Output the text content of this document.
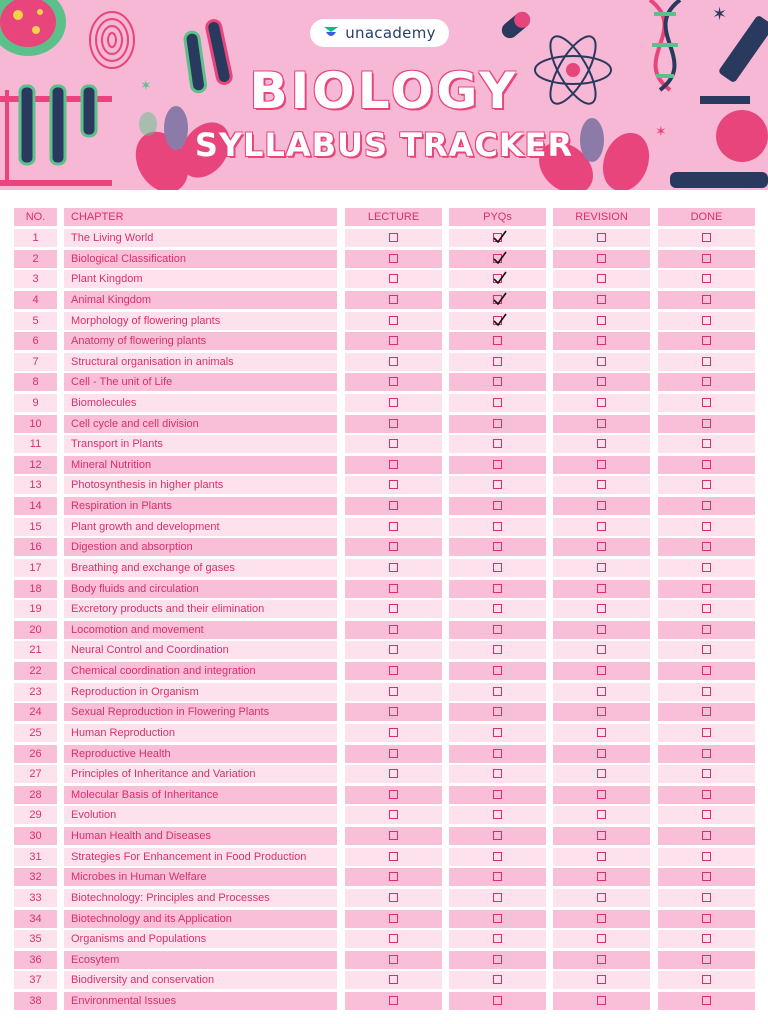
✶
✶
✶
unacademy
BIOLOGY
SYLLABUS TRACKER
NO.	CHAPTER	LECTURE	PYQs	REVISION	DONE
1	The Living World
2	Biological Classification
3	Plant Kingdom
4	Animal Kingdom
5	Morphology of flowering plants
6	Anatomy of flowering plants
7	Structural organisation in animals
8	Cell - The unit of Life
9	Biomolecules
10	Cell cycle and cell division
11	Transport in Plants
12	Mineral Nutrition
13	Photosynthesis in higher plants
14	Respiration in Plants
15	Plant growth and development
16	Digestion and absorption
17	Breathing and exchange of gases
18	Body fluids and circulation
19	Excretory products and their elimination
20	Locomotion and movement
21	Neural Control and Coordination
22	Chemical coordination and integration
23	Reproduction in Organism
24	Sexual Reproduction in Flowering Plants
25	Human Reproduction
26	Reproductive Health
27	Principles of Inheritance and Variation
28	Molecular Basis of Inheritance
29	Evolution
30	Human Health and Diseases
31	Strategies For Enhancement in Food Production
32	Microbes in Human Welfare
33	Biotechnology: Principles and Processes
34	Biotechnology and its Application
35	Organisms and Populations
36	Ecosytem
37	Biodiversity and conservation
38	Environmental Issues
